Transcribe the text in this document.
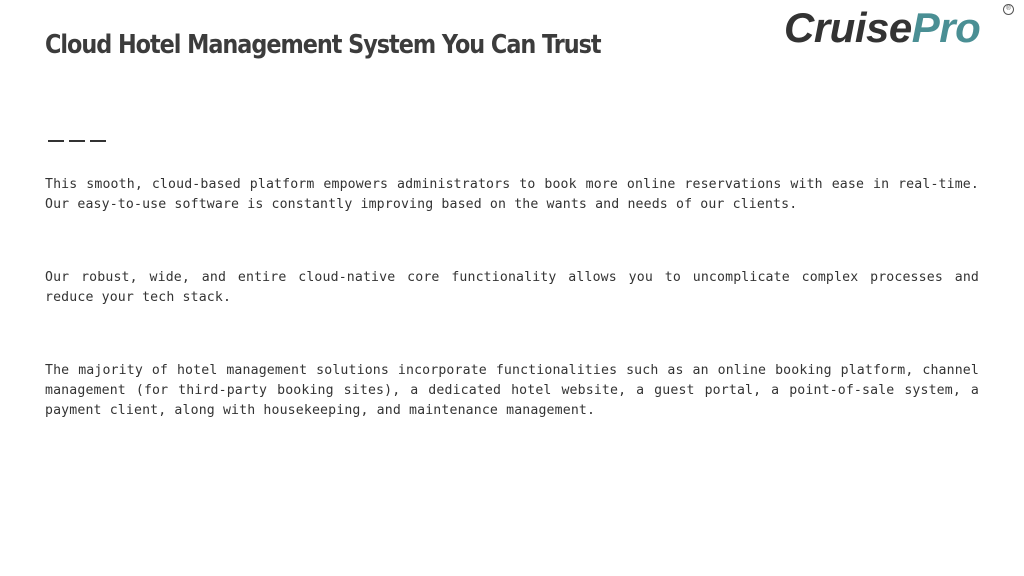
Cloud Hotel Management System You Can Trust	CruisePro	®

This smooth, cloud-based platform empowers administrators to book more online reservations with ease in real-time. Our easy-to-use software is constantly improving based on the wants and needs of our clients.

Our robust, wide, and entire cloud-native core functionality allows you to uncomplicate complex processes and reduce your tech stack.

The majority of hotel management solutions incorporate functionalities such as an online booking platform, channel management (for third-party booking sites), a dedicated hotel website, a guest portal, a point-of-sale system, a payment client, along with housekeeping, and maintenance management.
